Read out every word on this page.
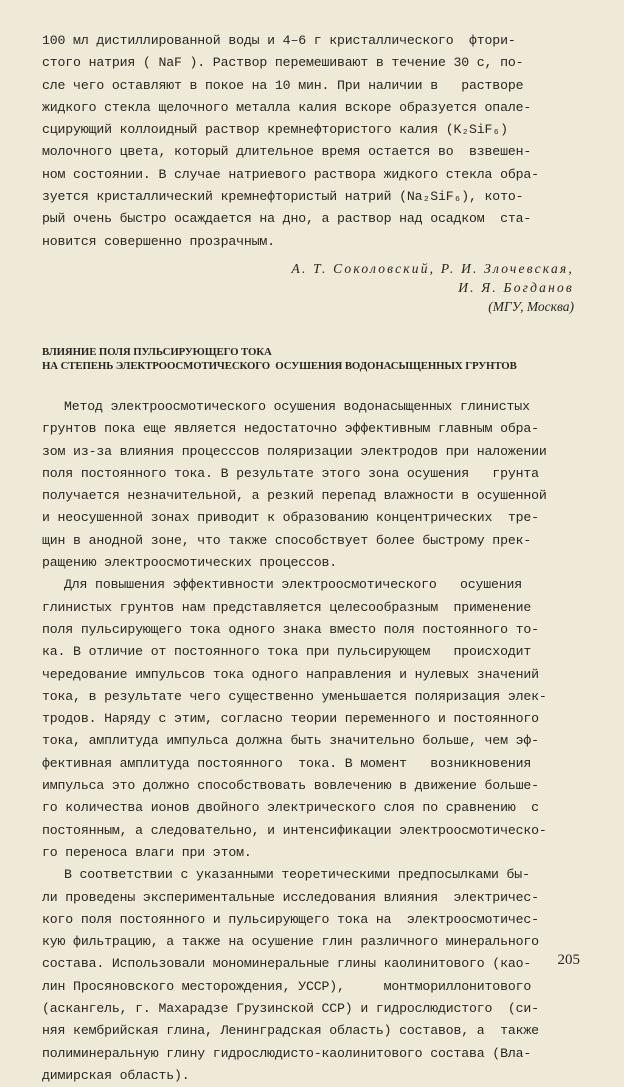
100 мл дистиллированной воды и 4–6 г кристаллического  фтори-
стого натрия ( NaF ). Раствор перемешивают в течение 30 с, по-
сле чего оставляют в покое на 10 мин. При наличии в   растворе
жидкого стекла щелочного металла калия вскоре образуется опале-
сцирующий коллоидный раствор кремнефтористого калия (K₂SiF₆)
молочного цвета, который длительное время остается во  взвешен-
ном состоянии. В случае натриевого раствора жидкого стекла обра-
зуется кристаллический кремнефтористый натрий (Na₂SiF₆), кото-
рый очень быстро осаждается на дно, а раствор над осадком  ста-
новится совершенно прозрачным.
А. Т. Соколовский, Р. И. Злочевская,
И. Я. Богданов
(МГУ, Москва)
ВЛИЯНИЕ ПОЛЯ ПУЛЬСИРУЮЩЕГО ТОКА
НА СТЕПЕНЬ ЭЛЕКТРООСМОТИЧЕСКОГО  ОСУШЕНИЯ ВОДОНАСЫЩЕННЫХ ГРУНТОВ
Метод электроосмотического осушения водонасыщенных глинистых
грунтов пока еще является недостаточно эффективным главным обра-
зом из-за влияния процесссов поляризации электродов при наложении
поля постоянного тока. В результате этого зона осушения   грунта
получается незначительной, а резкий перепад влажности в осушенной
и неосушенной зонах приводит к образованию концентрических  тре-
щин в анодной зоне, что также способствует более быстрому прек-
ращению электроосмотических процессов.
Для повышения эффективности электроосмотического   осушения
глинистых грунтов нам представляется целесообразным  применение
поля пульсирующего тока одного знака вместо поля постоянного то-
ка. В отличие от постоянного тока при пульсирующем   происходит
чередование импульсов тока одного направления и нулевых значений
тока, в результате чего существенно уменьшается поляризация элек-
тродов. Наряду с этим, согласно теории переменного и постоянного
тока, амплитуда импульса должна быть значительно больше, чем эф-
фективная амплитуда постоянного  тока. В момент   возникновения
импульса это должно способствовать вовлечению в движение больше-
го количества ионов двойного электрического слоя по сравнению  с
постоянным, а следовательно, и интенсификации электроосмотическо-
го переноса влаги при этом.
В соответствии с указанными теоретическими предпосылками бы-
ли проведены экспериментальные исследования влияния  электричес-
кого поля постоянного и пульсирующего тока на  электроосмотичес-
кую фильтрацию, а также на осушение глин различного минерального
состава. Использовали мономинеральные глины каолинитового (као-
лин Просяновского месторождения, УССР),     монтмориллонитового
(аскангель, г. Махарадзе Грузинской ССР) и гидрослюдистого  (си-
няя кембрийская глина, Ленинградская область) составов, а  также
полиминеральную глину гидрослюдисто-каолинитового состава (Вла-
димирская область).
205
